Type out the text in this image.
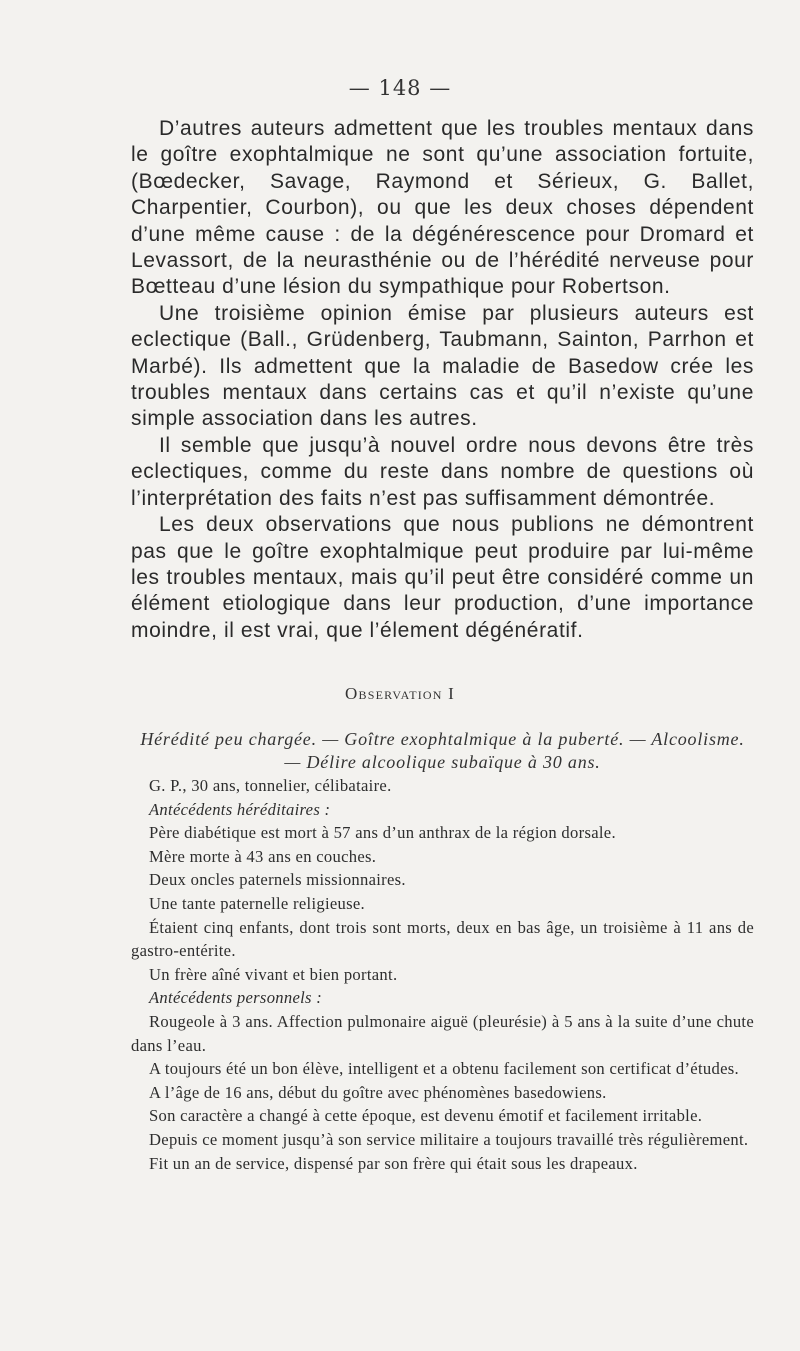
— 148 —

D’autres auteurs admettent que les troubles mentaux dans le goître exophtalmique ne sont qu’une association fortuite, (Bœdecker, Savage, Raymond et Sérieux, G. Ballet, Charpentier, Courbon), ou que les deux choses dépendent d’une même cause : de la dégénérescence pour Dromard et Levassort, de la neurasthénie ou de l’hérédité nerveuse pour Bœtteau d’une lésion du sympathique pour Robertson.

Une troisième opinion émise par plusieurs auteurs est eclectique (Ball., Grüdenberg, Taubmann, Sainton, Parrhon et Marbé). Ils admettent que la maladie de Basedow crée les troubles mentaux dans certains cas et qu’il n’existe qu’une simple association dans les autres.

Il semble que jusqu’à nouvel ordre nous devons être très eclectiques, comme du reste dans nombre de questions où l’interprétation des faits n’est pas suffisamment démontrée.

Les deux observations que nous publions ne démontrent pas que le goître exophtalmique peut produire par lui-même les troubles mentaux, mais qu’il peut être considéré comme un élément etiologique dans leur production, d’une importance moindre, il est vrai, que l’élement dégénératif.

Observation I
Hérédité peu chargée. — Goître exophtalmique à la puberté. — Alcoolisme. — Délire alcoolique subaïque à 30 ans.

G. P., 30 ans, tonnelier, célibataire.

Antécédents héréditaires :

Père diabétique est mort à 57 ans d’un anthrax de la région dorsale.

Mère morte à 43 ans en couches.

Deux oncles paternels missionnaires.

Une tante paternelle religieuse.

Étaient cinq enfants, dont trois sont morts, deux en bas âge, un troisième à 11 ans de gastro-entérite.

Un frère aîné vivant et bien portant.

Antécédents personnels :

Rougeole à 3 ans. Affection pulmonaire aiguë (pleurésie) à 5 ans à la suite d’une chute dans l’eau.

A toujours été un bon élève, intelligent et a obtenu facilement son certificat d’études.

A l’âge de 16 ans, début du goître avec phénomènes basedowiens.

Son caractère a changé à cette époque, est devenu émotif et facilement irritable.

Depuis ce moment jusqu’à son service militaire a toujours travaillé très régulièrement.

Fit un an de service, dispensé par son frère qui était sous les drapeaux.
